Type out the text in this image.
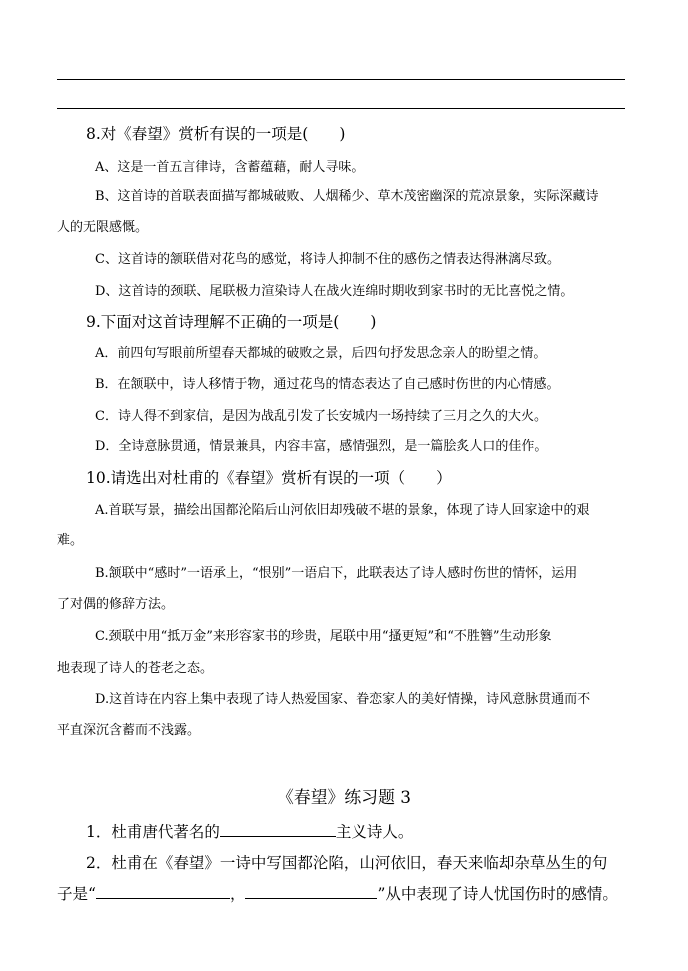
8.对《春望》赏析有误的一项是(　　)
A、这是一首五言律诗，含蓄蕴藉，耐人寻味。
B、这首诗的首联表面描写都城破败、人烟稀少、草木茂密幽深的荒凉景象，实际深藏诗
人的无限感慨。
C、这首诗的颔联借对花鸟的感觉，将诗人抑制不住的感伤之情表达得淋漓尽致。
D、这首诗的颈联、尾联极力渲染诗人在战火连绵时期收到家书时的无比喜悦之情。
9.下面对这首诗理解不正确的一项是(　　)
A．前四句写眼前所望春天都城的破败之景，后四句抒发思念亲人的盼望之情。
B．在颔联中，诗人移情于物，通过花鸟的情态表达了自己感时伤世的内心情感。
C．诗人得不到家信，是因为战乱引发了长安城内一场持续了三月之久的大火。
D．全诗意脉贯通，情景兼具，内容丰富，感情强烈，是一篇脍炙人口的佳作。
10.请选出对杜甫的《春望》赏析有误的一项（　　）
A.首联写景，描绘出国都沦陷后山河依旧却残破不堪的景象，体现了诗人回家途中的艰
难。
B.颔联中“感时”一语承上，“恨别”一语启下，此联表达了诗人感时伤世的情怀，运用
了对偶的修辞方法。
C.颈联中用“抵万金”来形容家书的珍贵，尾联中用“搔更短”和“不胜簪”生动形象
地表现了诗人的苍老之态。
D.这首诗在内容上集中表现了诗人热爱国家、眷恋家人的美好情操，诗风意脉贯通而不
平直深沉含蓄而不浅露。
《春望》练习题 3
1．杜甫唐代著名的	主义诗人。
2．杜甫在《春望》一诗中写国都沦陷，山河依旧，春天来临却杂草丛生的句
子是“	，	”从中表现了诗人忧国伤时的感情。
